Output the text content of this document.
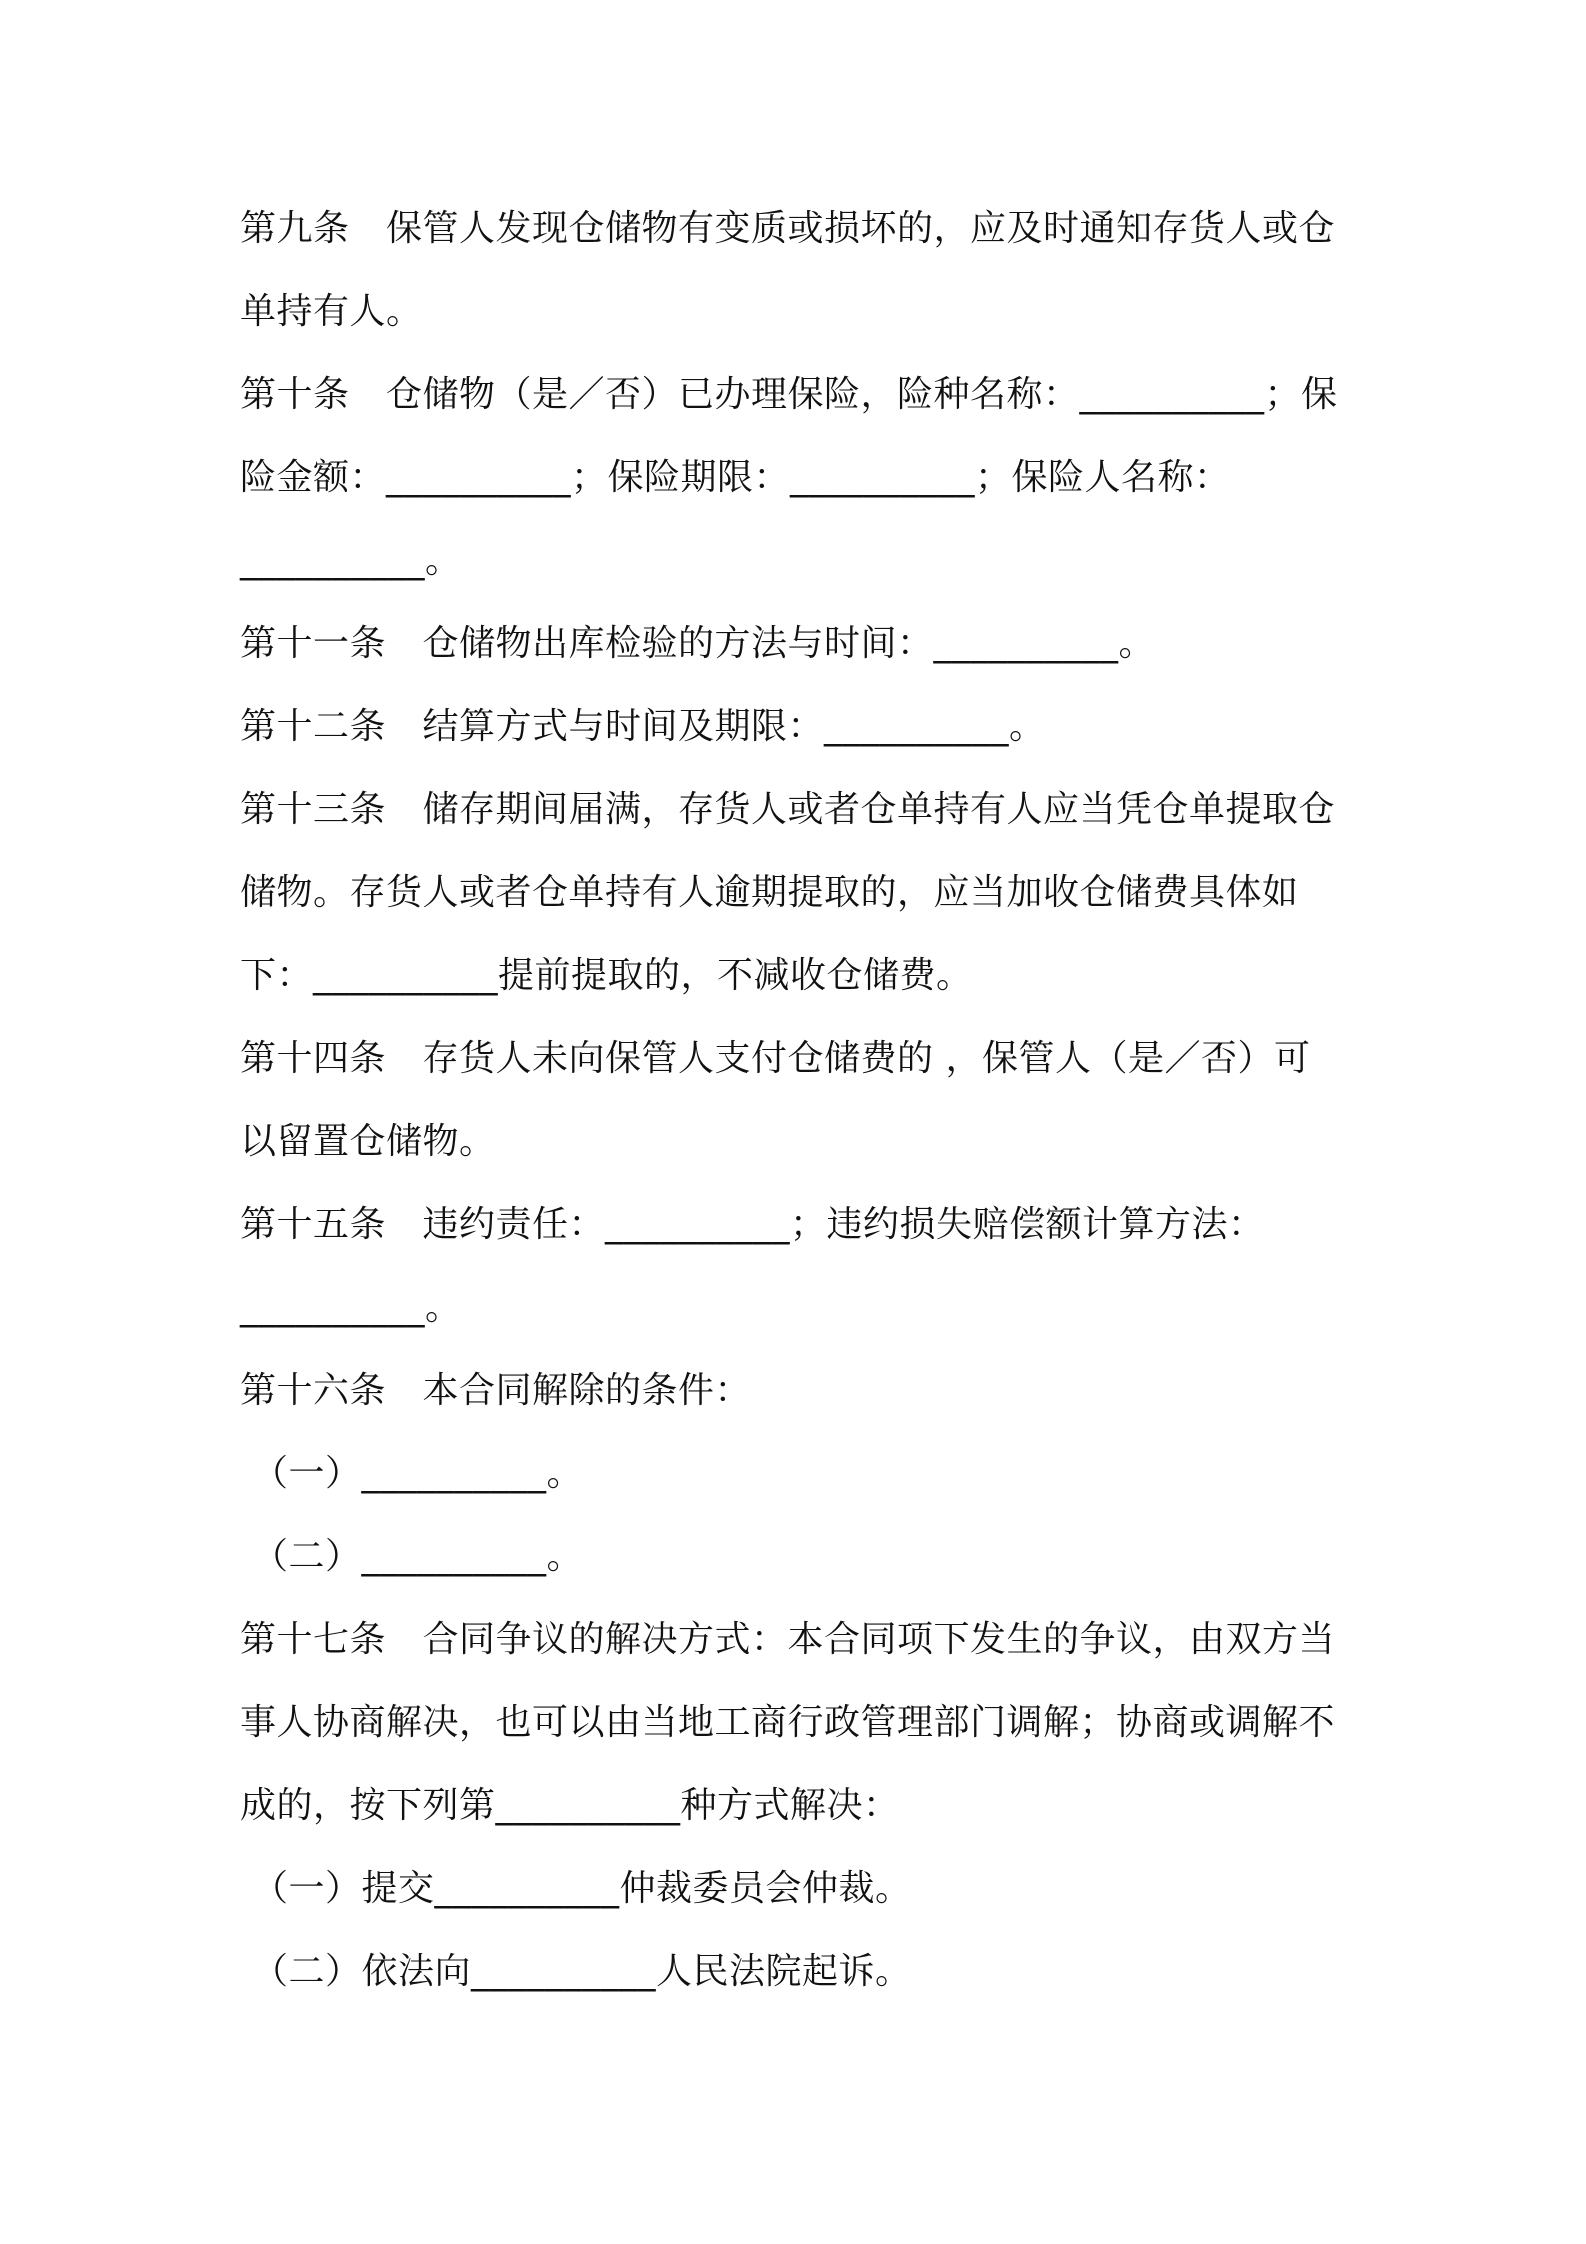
第九条　保管人发现仓储物有变质或损坏的，应及时通知存货人或仓
单持有人。
第十条　仓储物（是／否）已办理保险，险种名称：__________；保
险金额：__________；保险期限：__________；保险人名称：
__________。
第十一条　仓储物出库检验的方法与时间：__________。
第十二条　结算方式与时间及期限：__________。
第十三条　储存期间届满，存货人或者仓单持有人应当凭仓单提取仓
储物。存货人或者仓单持有人逾期提取的，应当加收仓储费具体如
下：__________提前提取的，不减收仓储费。
第十四条　存货人未向保管人支付仓储费的 ，保管人（是／否）可
以留置仓储物。
第十五条　违约责任：__________；违约损失赔偿额计算方法：
__________。
第十六条　本合同解除的条件：
（一）__________。
（二）__________。
第十七条　合同争议的解决方式：本合同项下发生的争议，由双方当
事人协商解决，也可以由当地工商行政管理部门调解；协商或调解不
成的，按下列第__________种方式解决：
（一）提交__________仲裁委员会仲裁。
（二）依法向__________人民法院起诉。
